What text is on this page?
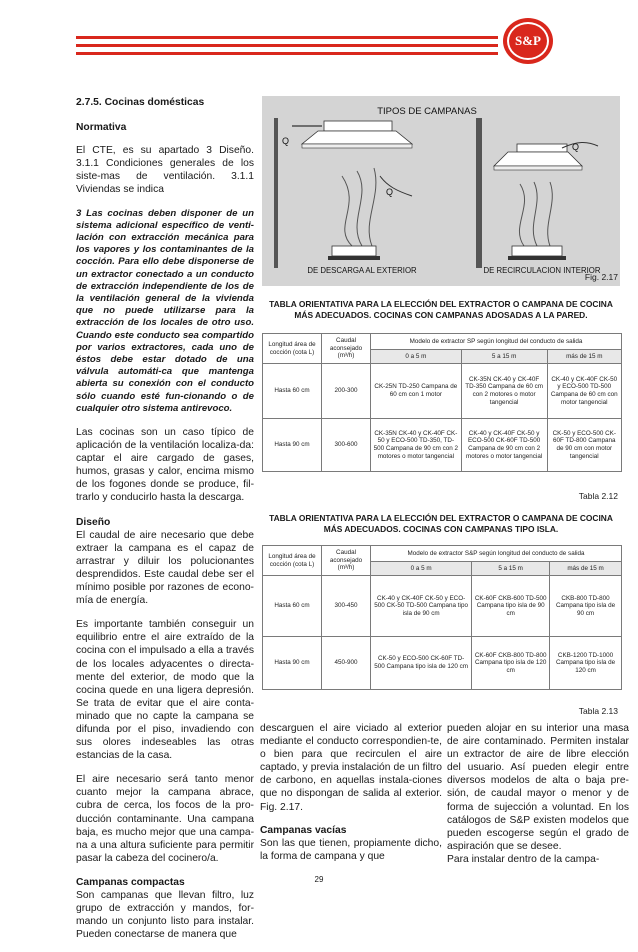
S&P

2.7.5. Cocinas domésticas

Normativa

El CTE, es su apartado 3 Diseño. 3.1.1 Condiciones generales de los siste-mas de ventilación. 3.1.1 Viviendas se indica

3 Las cocinas deben disponer de un sistema adicional específico de venti-lación con extracción mecánica para los vapores y los contaminantes de la cocción. Para ello debe disponerse de un extractor conectado a un conducto de extracción independiente de los de la ventilación general de la vivienda que no puede utilizarse para la extracción de los locales de otro uso. Cuando este conducto sea compartido por varios extractores, cada uno de éstos debe estar dotado de una válvula automáti-ca que mantenga abierta su conexión con el conducto sólo cuando esté fun-cionando o de cualquier otro sistema antirevoco.

Las cocinas son un caso típico de aplicación de la ventilación localiza-da: captar el aire cargado de gases, humos, grasas y calor, encima mismo de los fogones donde se produce, fil-trarlo y conducirlo hasta la descarga.

Diseño

El caudal de aire necesario que debe extraer la campana es el capaz de arrastrar y diluir los polucionantes desprendidos. Este caudal debe ser el mínimo posible por razones de econo-mía de energía.

Es importante también conseguir un equilibrio entre el aire extraído de la cocina con el impulsado a ella a través de los locales adyacentes o directa-mente del exterior, de modo que la cocina quede en una ligera depresión. Se trata de evitar que el aire conta-minado que no capte la campana se difunda por el piso, invadiendo con sus olores indeseables las otras estancias de la casa.

El aire necesario será tanto menor cuanto mejor la campana abrace, cubra de cerca, los focos de la pro-ducción contaminante. Una campana baja, es mucho mejor que una campa-na a una altura suficiente para permitir pasar la cabeza del cocinero/a.

Campanas compactas

Son campanas que llevan filtro, luz grupo de extracción y mandos, for-mando un conjunto listo para instalar. Pueden conectarse de manera que

TIPOS DE CAMPANAS
Q
Q
Q
DE DESCARGA AL EXTERIOR	DE RECIRCULACION INTERIOR
Fig. 2.17
TABLA ORIENTATIVA PARA LA ELECCIÓN DEL EXTRACTOR O CAMPANA DE COCINA MÁS ADECUADOS. COCINAS CON CAMPANAS ADOSADAS A LA PARED.
Longitud área de cocción (cota L)	Caudal aconsejado (m³/h)	Modelo de extractor SP según longitud del conducto de salida		
		0 a 5 m	5 a 15 m	más de 15 m
Hasta 60 cm	200-300	CK-25N TD-250 Campana de 60 cm con 1 motor	CK-35N CK-40 y CK-40F TD-350 Campana de 60 cm con 2 motores o motor tangencial	CK-40 y CK-40F CK-50 y ECO-500 TD-500 Campana de 60 cm con motor tangencial
Hasta 90 cm	300-600	CK-35N CK-40 y CK-40F CK-50 y ECO-500 TD-350, TD-500 Campana de 90 cm con 2 motores o motor tangencial	CK-40 y CK-40F CK-50 y ECO-500 CK-60F TD-500 Campana de 90 cm con 2 motores o motor tangencial	CK-50 y ECO-500 CK-60F TD-800 Campana de 90 cm con motor tangencial
Tabla 2.12
TABLA ORIENTATIVA PARA LA ELECCIÓN DEL EXTRACTOR O CAMPANA DE COCINA MÁS ADECUADOS. COCINAS CON CAMPANAS TIPO ISLA.
Longitud área de cocción (cota L)	Caudal aconsejado (m³/h)	Modelo de extractor S&P según longitud del conducto de salida		
		0 a 5 m	5 a 15 m	más de 15 m
Hasta 60 cm	300-450	CK-40 y CK-40F CK-50 y ECO-500 CK-50 TD-500 Campana tipo isla de 90 cm	CK-60F CKB-600 TD-500 Campana tipo isla de 90 cm	CKB-800 TD-800 Campana tipo isla de 90 cm
Hasta 90 cm	450-900	CK-50 y ECO-500 CK-60F TD-500 Campana tipo isla de 120 cm	CK-60F CKB-800 TD-800 Campana tipo isla de 120 cm	CKB-1200 TD-1000 Campana tipo isla de 120 cm
Tabla 2.13

descarguen el aire viciado al exterior mediante el conducto correspondien-te, o bien para que recirculen el aire captado, y previa instalación de un filtro de carbono, en aquellas instala-ciones que no dispongan de salida al exterior. Fig. 2.17.

Campanas vacías

Son las que tienen, propiamente dicho, la forma de campana y que

pueden alojar en su interior una masa de aire contaminado. Permiten instalar un extractor de aire de libre elección del usuario. Así pueden elegir entre diversos modelos de alta o baja pre-sión, de caudal mayor o menor y de forma de sujección a voluntad. En los catálogos de S&P existen modelos que pueden escogerse según el grado de aspiración que se desee.

Para instalar dentro de la campa-

29
